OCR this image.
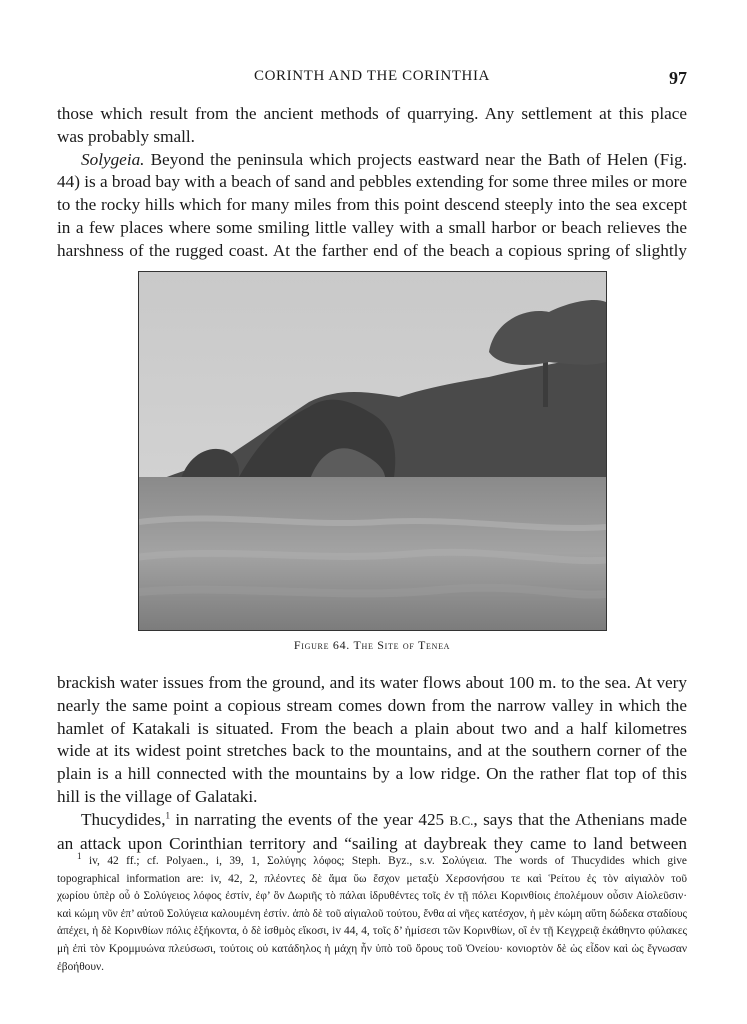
CORINTH AND THE CORINTHIA	97

those which result from the ancient methods of quarrying. Any settlement at this place
was probably small.

Solygeia. Beyond the peninsula which projects eastward near the Bath of Helen (Fig.
44) is a broad bay with a beach of sand and pebbles extending for some three miles or more
to the rocky hills which for many miles from this point descend steeply into the sea except
in a few places where some smiling little valley with a small harbor or beach relieves the
harshness of the rugged coast. At the farther end of the beach a copious spring of slightly

Figure 64. The Site of Tenea

brackish water issues from the ground, and its water flows about 100 m. to the sea. At very
nearly the same point a copious stream comes down from the narrow valley in which the
hamlet of Katakali is situated. From the beach a plain about two and a half kilometres
wide at its widest point stretches back to the mountains, and at the southern corner of the
plain is a hill connected with the mountains by a low ridge. On the rather flat top of this
hill is the village of Galataki.

Thucydides,$^1$ in narrating the events of the year 425 B.C., says that the Athenians made
an attack upon Corinthian territory and “sailing at daybreak they came to land between

$^1$ iv, 42 ff.; cf. Polyaen., i, 39, 1, Σολύγης λόφος; Steph. Byz., s.v. Σολύγεια. The words of Thucydides which give
topographical information are: iv, 42, 2, πλέοντες δὲ ἅμα ὕω ἔσχον μεταξὺ Χερσονήσου τε καὶ Ῥείτου ἐς τὸν αἰγιαλὸν τοῦ
χωρίου ὑπὲρ οὗ ὁ Σολύγειος λόφος ἐστίν, ἐφ’ ὃν Δωριῆς τὸ πάλαι ἱδρυθέντες τοῖς ἐν τῇ πόλει Κορινθίοις ἐπολέμουν οὖσιν Αἰολεῦσιν·
καὶ κώμη νῦν ἐπ’ αὐτοῦ Σολύγεια καλουμένη ἐστίν. ἀπὸ δὲ τοῦ αἰγιαλοῦ τούτου, ἔνθα αἱ νῆες κατέσχον, ἡ μὲν κώμη αὕτη δώδεκα σταδίους
ἀπέχει, ἡ δὲ Κορινθίων πόλις ἑξήκοντα, ὁ δὲ ἰσθμὸς εἴκοσι, iv 44, 4, τοῖς δ’ ἡμίσεσι τῶν Κορινθίων, οἳ ἐν τῇ Κεγχρειᾷ ἐκάθηντο φύλακες
μὴ ἐπὶ τὸν Κρομμυώνα πλεύσωσι, τούτοις οὐ κατάδηλος ἡ μάχη ἦν ὑπὸ τοῦ ὄρους τοῦ Ὀνείου· κονιορτὸν δὲ ὡς εἶδον καὶ ὡς ἔγνωσαν
ἐβοήθουν.
